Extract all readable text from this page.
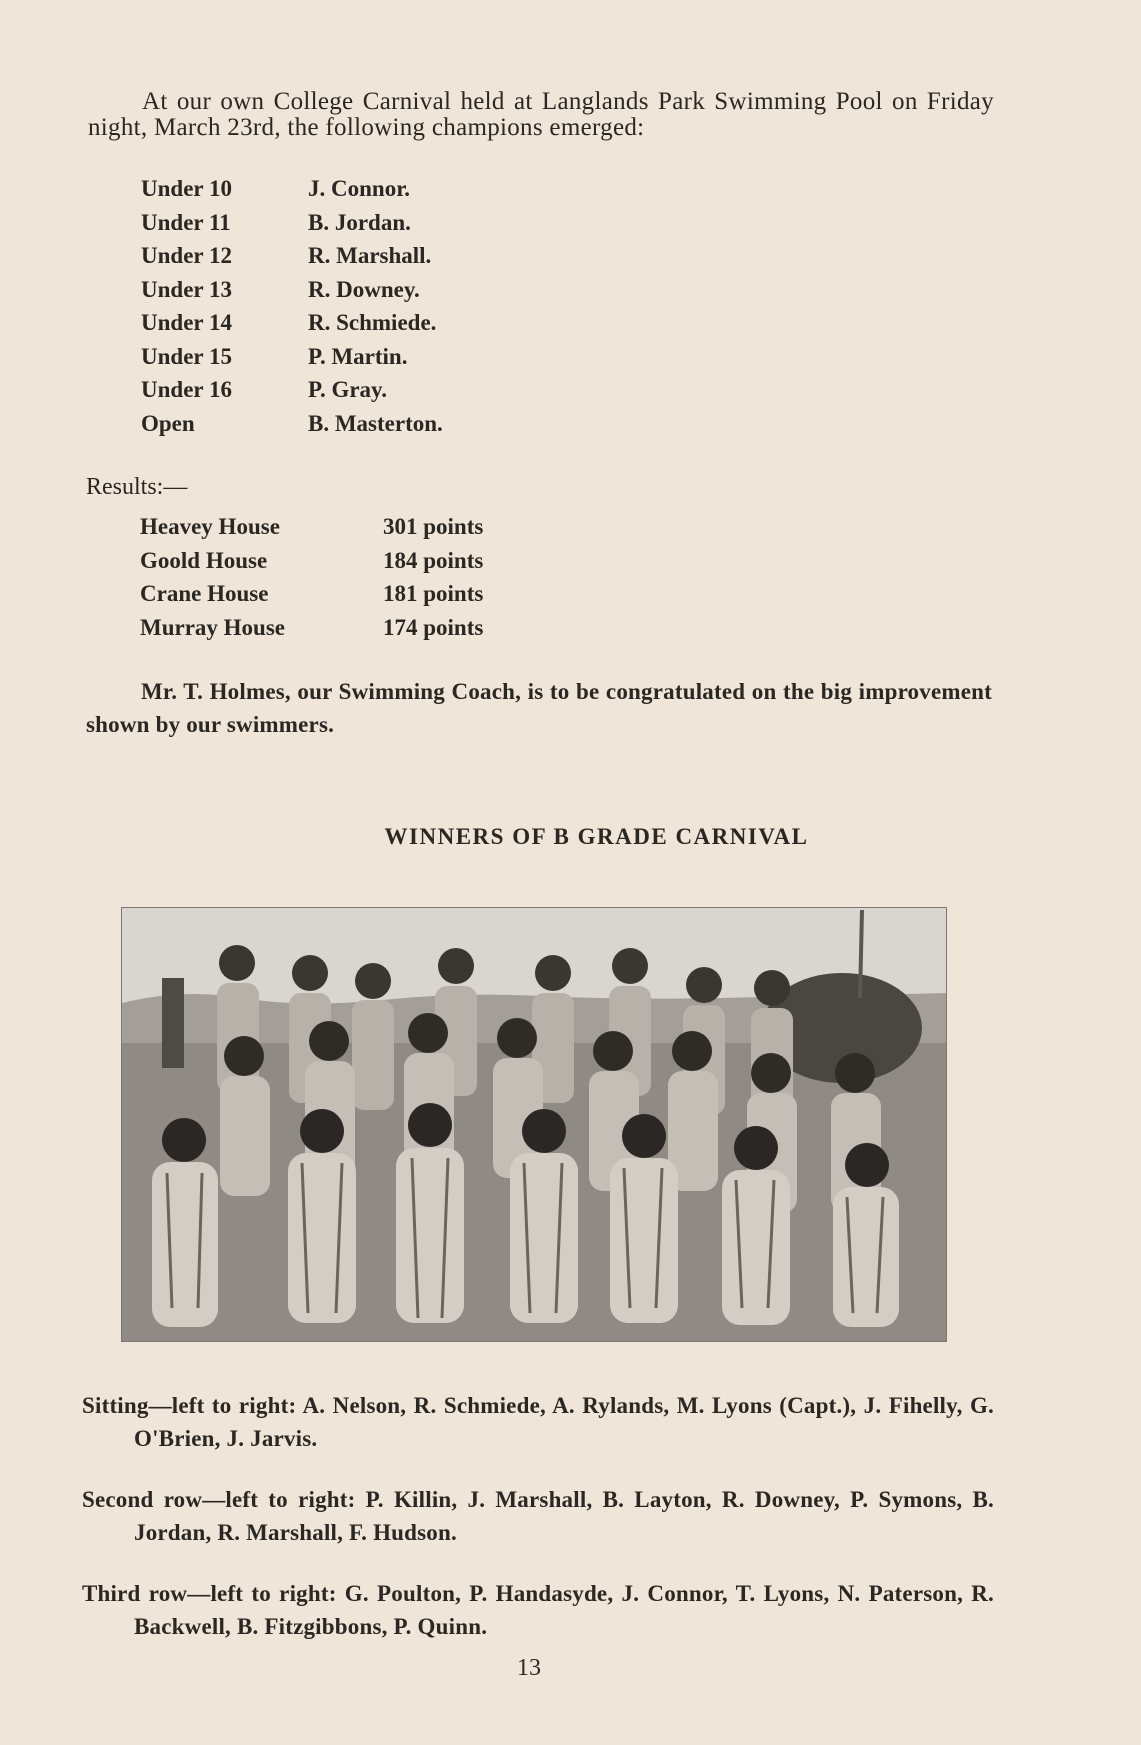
At our own College Carnival held at Langlands Park Swimming Pool on Friday night, March 23rd, the following champions emerged:

Under 10	J. Connor.
Under 11	B. Jordan.
Under 12	R. Marshall.
Under 13	R. Downey.
Under 14	R. Schmiede.
Under 15	P. Martin.
Under 16	P. Gray.
Open	B. Masterton.
Results:—
Heavey House	301 points
Goold House	184 points
Crane House	181 points
Murray House	174 points

Mr. T. Holmes, our Swimming Coach, is to be congratulated on the big improvement shown by our swimmers.

WINNERS OF B GRADE CARNIVAL

Sitting—left to right: A. Nelson, R. Schmiede, A. Rylands, M. Lyons (Capt.), J. Fihelly, G. O'Brien, J. Jarvis.

Second row—left to right: P. Killin, J. Marshall, B. Layton, R. Downey, P. Symons, B. Jordan, R. Marshall, F. Hudson.

Third row—left to right: G. Poulton, P. Handasyde, J. Connor, T. Lyons, N. Paterson, R. Backwell, B. Fitzgibbons, P. Quinn.

13
